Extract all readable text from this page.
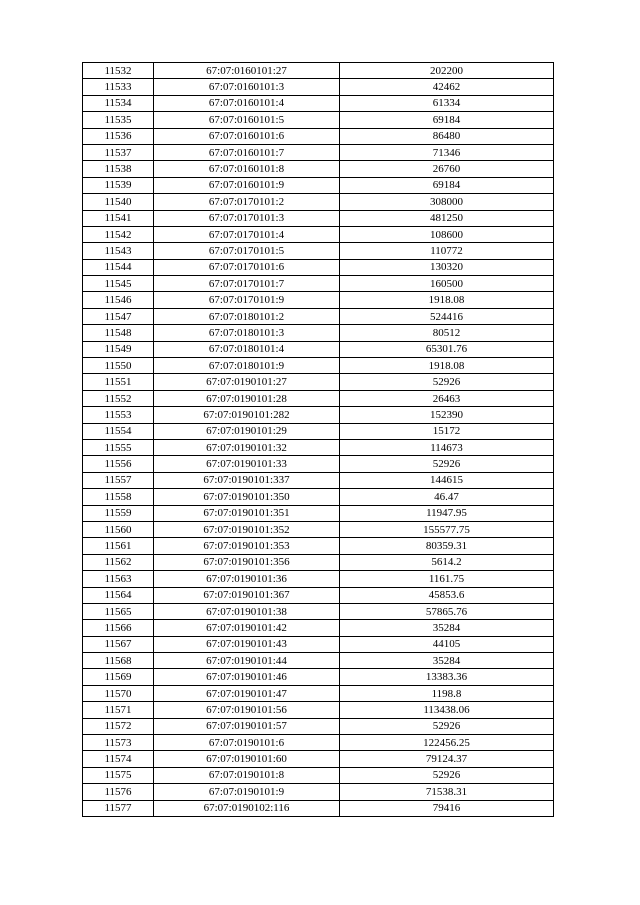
11532	67:07:0160101:27	202200
11533	67:07:0160101:3	42462
11534	67:07:0160101:4	61334
11535	67:07:0160101:5	69184
11536	67:07:0160101:6	86480
11537	67:07:0160101:7	71346
11538	67:07:0160101:8	26760
11539	67:07:0160101:9	69184
11540	67:07:0170101:2	308000
11541	67:07:0170101:3	481250
11542	67:07:0170101:4	108600
11543	67:07:0170101:5	110772
11544	67:07:0170101:6	130320
11545	67:07:0170101:7	160500
11546	67:07:0170101:9	1918.08
11547	67:07:0180101:2	524416
11548	67:07:0180101:3	80512
11549	67:07:0180101:4	65301.76
11550	67:07:0180101:9	1918.08
11551	67:07:0190101:27	52926
11552	67:07:0190101:28	26463
11553	67:07:0190101:282	152390
11554	67:07:0190101:29	15172
11555	67:07:0190101:32	114673
11556	67:07:0190101:33	52926
11557	67:07:0190101:337	144615
11558	67:07:0190101:350	46.47
11559	67:07:0190101:351	11947.95
11560	67:07:0190101:352	155577.75
11561	67:07:0190101:353	80359.31
11562	67:07:0190101:356	5614.2
11563	67:07:0190101:36	1161.75
11564	67:07:0190101:367	45853.6
11565	67:07:0190101:38	57865.76
11566	67:07:0190101:42	35284
11567	67:07:0190101:43	44105
11568	67:07:0190101:44	35284
11569	67:07:0190101:46	13383.36
11570	67:07:0190101:47	1198.8
11571	67:07:0190101:56	113438.06
11572	67:07:0190101:57	52926
11573	67:07:0190101:6	122456.25
11574	67:07:0190101:60	79124.37
11575	67:07:0190101:8	52926
11576	67:07:0190101:9	71538.31
11577	67:07:0190102:116	79416
